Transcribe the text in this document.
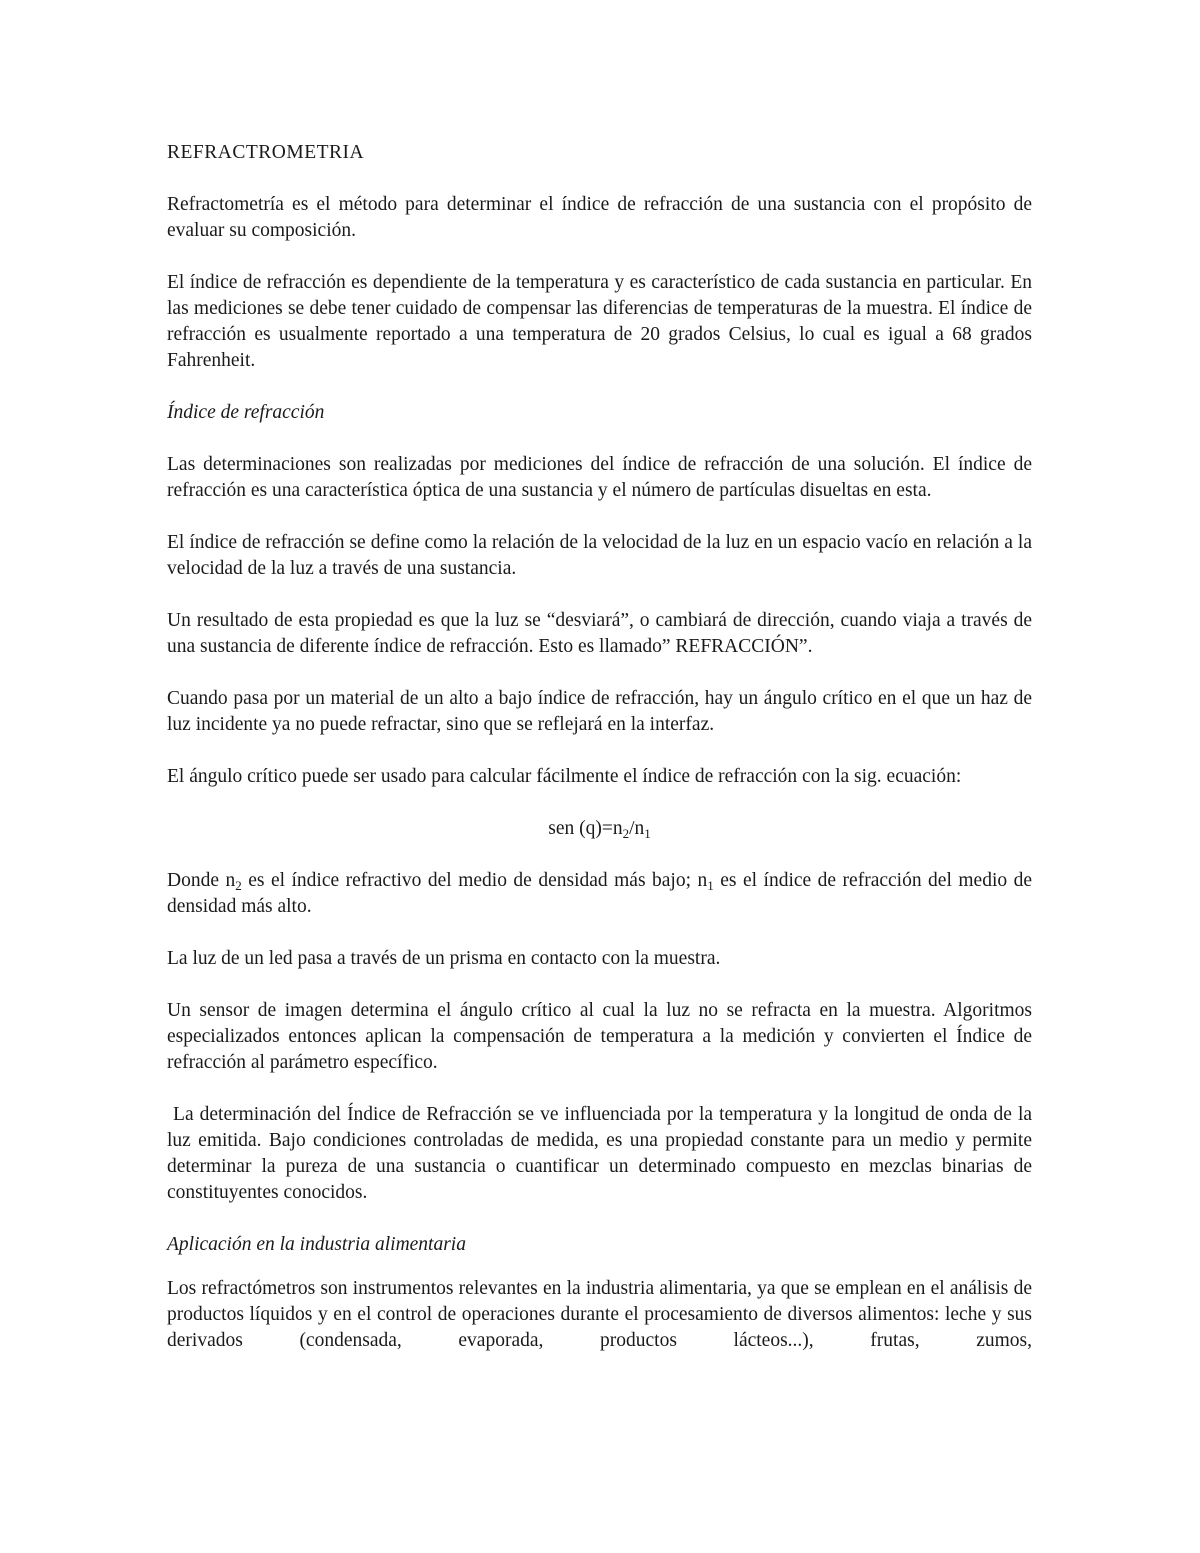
REFRACTROMETRIA

Refractometría es el método para determinar el índice de refracción de una sustancia con el propósito de evaluar su composición.

El índice de refracción es dependiente de la temperatura y es característico de cada sustancia en particular. En las mediciones se debe tener cuidado de compensar las diferencias de temperaturas de la muestra. El índice de refracción es usualmente reportado a una temperatura de 20 grados Celsius, lo cual es igual a 68 grados Fahrenheit.

Índice de refracción

Las determinaciones son realizadas por mediciones del índice de refracción de una solución. El índice de refracción es una característica óptica de una sustancia y el número de partículas disueltas en esta.

El índice de refracción se define como la relación de la velocidad de la luz en un espacio vacío en relación a la velocidad de la luz a través de una sustancia.

Un resultado de esta propiedad es que la luz se “desviará”, o cambiará de dirección, cuando viaja a través de una sustancia de diferente índice de refracción. Esto es llamado” REFRACCIÓN”.

Cuando pasa por un material de un alto a bajo índice de refracción, hay un ángulo crítico en el que un haz de luz incidente ya no puede refractar, sino que se reflejará en la interfaz.

El ángulo crítico puede ser usado para calcular fácilmente el índice de refracción con la sig. ecuación:

sen $(q)=n_2/n_1$

Donde $n_2$ es el índice refractivo del medio de densidad más bajo; $n_1$ es el índice de refracción del medio de densidad más alto.

La luz de un led pasa a través de un prisma en contacto con la muestra.

Un sensor de imagen determina el ángulo crítico al cual la luz no se refracta en la muestra. Algoritmos especializados entonces aplican la compensación de temperatura a la medición y convierten el Índice de refracción al parámetro específico.

La determinación del Índice de Refracción se ve influenciada por la temperatura y la longitud de onda de la luz emitida. Bajo condiciones controladas de medida, es una propiedad constante para un medio y permite determinar la pureza de una sustancia o cuantificar un determinado compuesto en mezclas binarias de constituyentes conocidos.

Aplicación en la industria alimentaria

Los refractómetros son instrumentos relevantes en la industria alimentaria, ya que se emplean en el análisis de productos líquidos y en el control de operaciones durante el procesamiento de diversos alimentos: leche y sus derivados (condensada, evaporada, productos lácteos...), frutas, zumos,
